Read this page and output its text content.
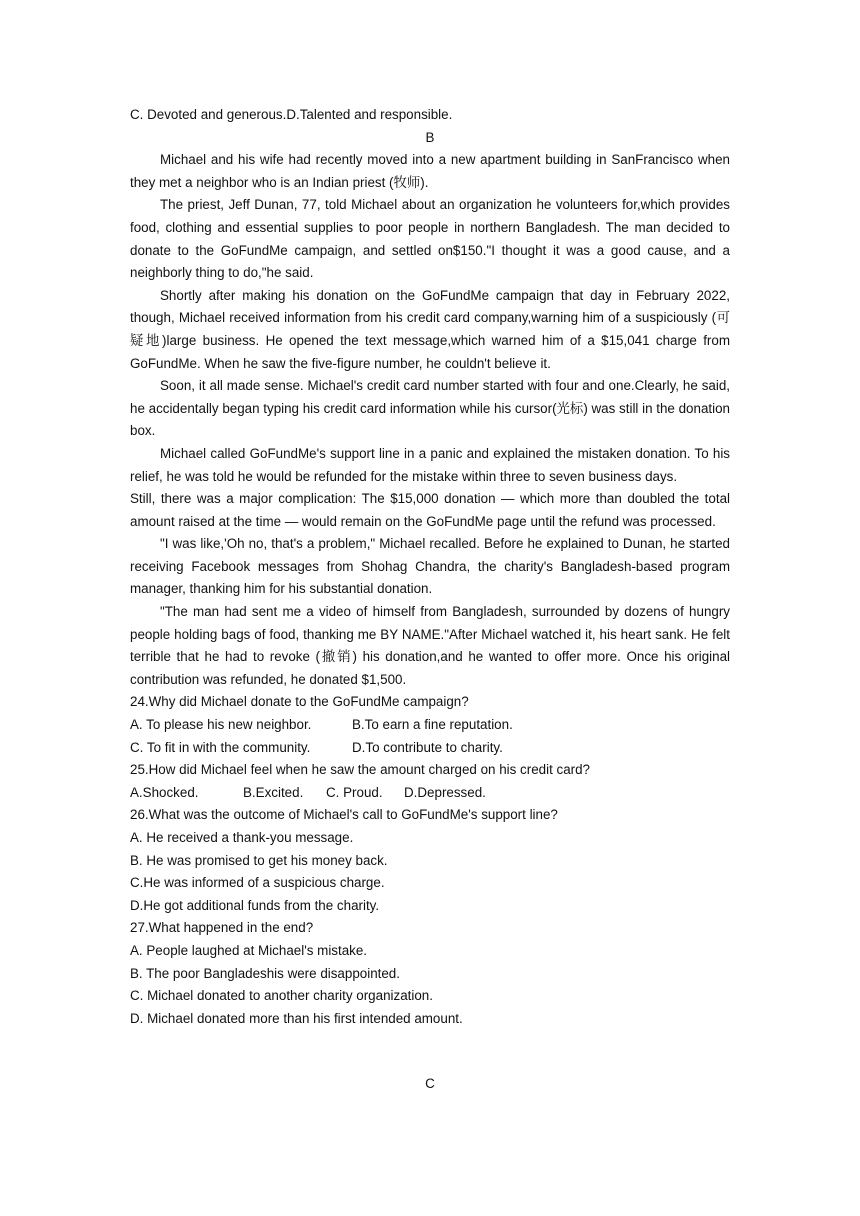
C. Devoted and generous.D.Talented and responsible.

B

Michael and his wife had recently moved into a new apartment building in SanFrancisco when they met a neighbor who is an Indian priest (牧师).

The priest, Jeff Dunan, 77, told Michael about an organization he volunteers for,which provides food, clothing and essential supplies to poor people in northern Bangladesh. The man decided to donate to the GoFundMe campaign, and settled on$150."I thought it was a good cause, and a neighborly thing to do,"he said.

Shortly after making his donation on the GoFundMe campaign that day in February 2022, though, Michael received information from his credit card company,warning him of a suspiciously (可疑地)large business. He opened the text message,which warned him of a $15,041 charge from GoFundMe. When he saw the five-figure number, he couldn't believe it.

Soon, it all made sense. Michael's credit card number started with four and one.Clearly, he said, he accidentally began typing his credit card information while his cursor(光标) was still in the donation box.

Michael called GoFundMe's support line in a panic and explained the mistaken donation. To his relief, he was told he would be refunded for the mistake within three to seven business days.

Still, there was a major complication: The $15,000 donation — which more than doubled the total amount raised at the time — would remain on the GoFundMe page until the refund was processed.

"I was like,'Oh no, that's a problem," Michael recalled. Before he explained to Dunan, he started receiving Facebook messages from Shohag Chandra, the charity's Bangladesh-based program manager, thanking him for his substantial donation.

"The man had sent me a video of himself from Bangladesh, surrounded by dozens of hungry people holding bags of food, thanking me BY NAME."After Michael watched it, his heart sank. He felt terrible that he had to revoke (撤销) his donation,and he wanted to offer more. Once his original contribution was refunded, he donated $1,500.

24.Why did Michael donate to the GoFundMe campaign?

A. To please his new neighbor.	B.To earn a fine reputation.

C. To fit in with the community.	D.To contribute to charity.

25.How did Michael feel when he saw the amount charged on his credit card?

A.Shocked.	B.Excited. C. Proud. D.Depressed.

26.What was the outcome of Michael's call to GoFundMe's support line?

A. He received a thank-you message.

B. He was promised to get his money back.

C.He was informed of a suspicious charge.

D.He got additional funds from the charity.

27.What happened in the end?

A. People laughed at Michael's mistake.

B. The poor Bangladeshis were disappointed.

C. Michael donated to another charity organization.

D. Michael donated more than his first intended amount.

C
